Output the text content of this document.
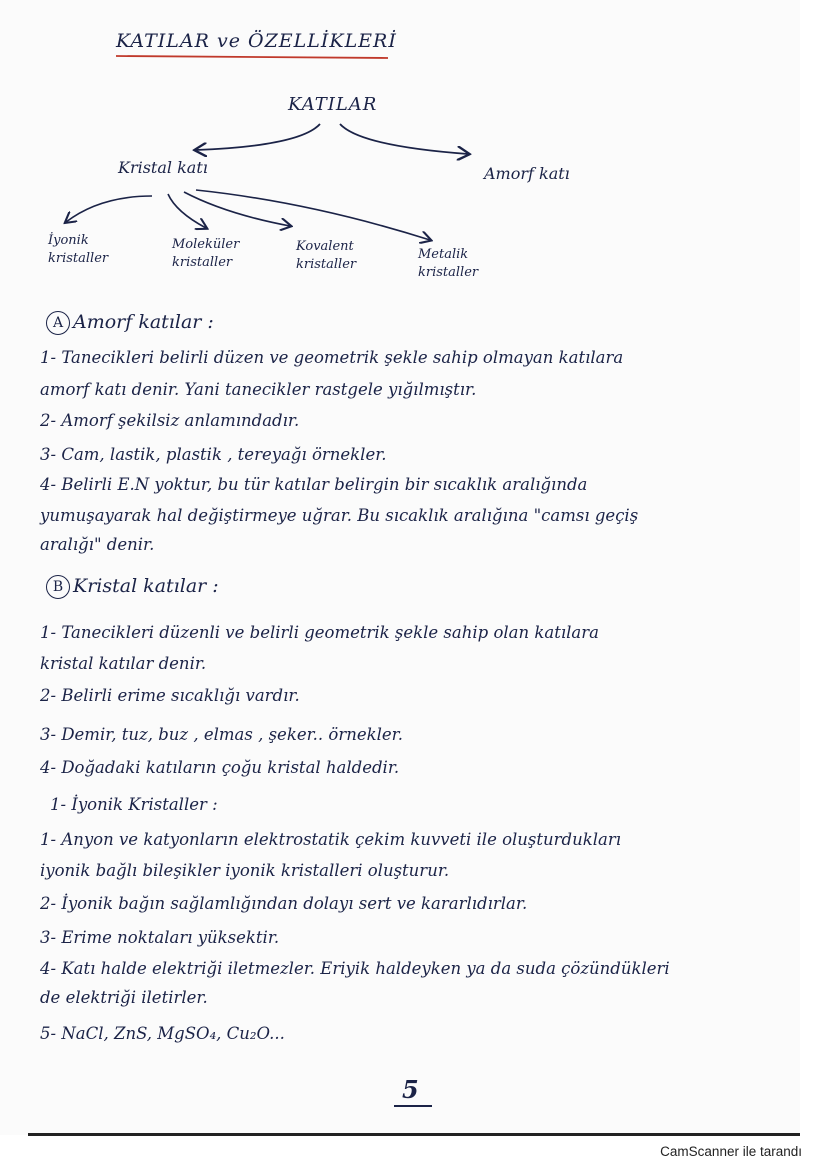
KATILAR ve ÖZELLİKLERİ
KATILAR
Kristal katı	Amorf katı
İyonik kristaller
Moleküler kristaller
Kovalent kristaller
Metalik kristaller
A Amorf katılar :
1- Tanecikleri belirli düzen ve geometrik şekle sahip olmayan katılara
amorf katı denir. Yani tanecikler rastgele yığılmıştır.
2- Amorf şekilsiz anlamındadır.
3- Cam, lastik, plastik , tereyağı örnekler.
4- Belirli E.N yoktur, bu tür katılar belirgin bir sıcaklık aralığında
yumuşayarak hal değiştirmeye uğrar. Bu sıcaklık aralığına "camsı geçiş
aralığı" denir.
B Kristal katılar :
1- Tanecikleri düzenli ve belirli geometrik şekle sahip olan katılara
kristal katılar denir.
2- Belirli erime sıcaklığı vardır.
3- Demir, tuz, buz , elmas , şeker.. örnekler.
4- Doğadaki katıların çoğu kristal haldedir.
1- İyonik Kristaller :
1- Anyon ve katyonların elektrostatik çekim kuvveti ile oluşturdukları
iyonik bağlı bileşikler iyonik kristalleri oluşturur.
2- İyonik bağın sağlamlığından dolayı sert ve kararlıdırlar.
3- Erime noktaları yüksektir.
4- Katı halde elektriği iletmezler. Eriyik haldeyken ya da suda çözündükleri
de elektriği iletirler.
5- NaCl, ZnS, MgSO₄, Cu₂O...
5
CamScanner ile tarandı
